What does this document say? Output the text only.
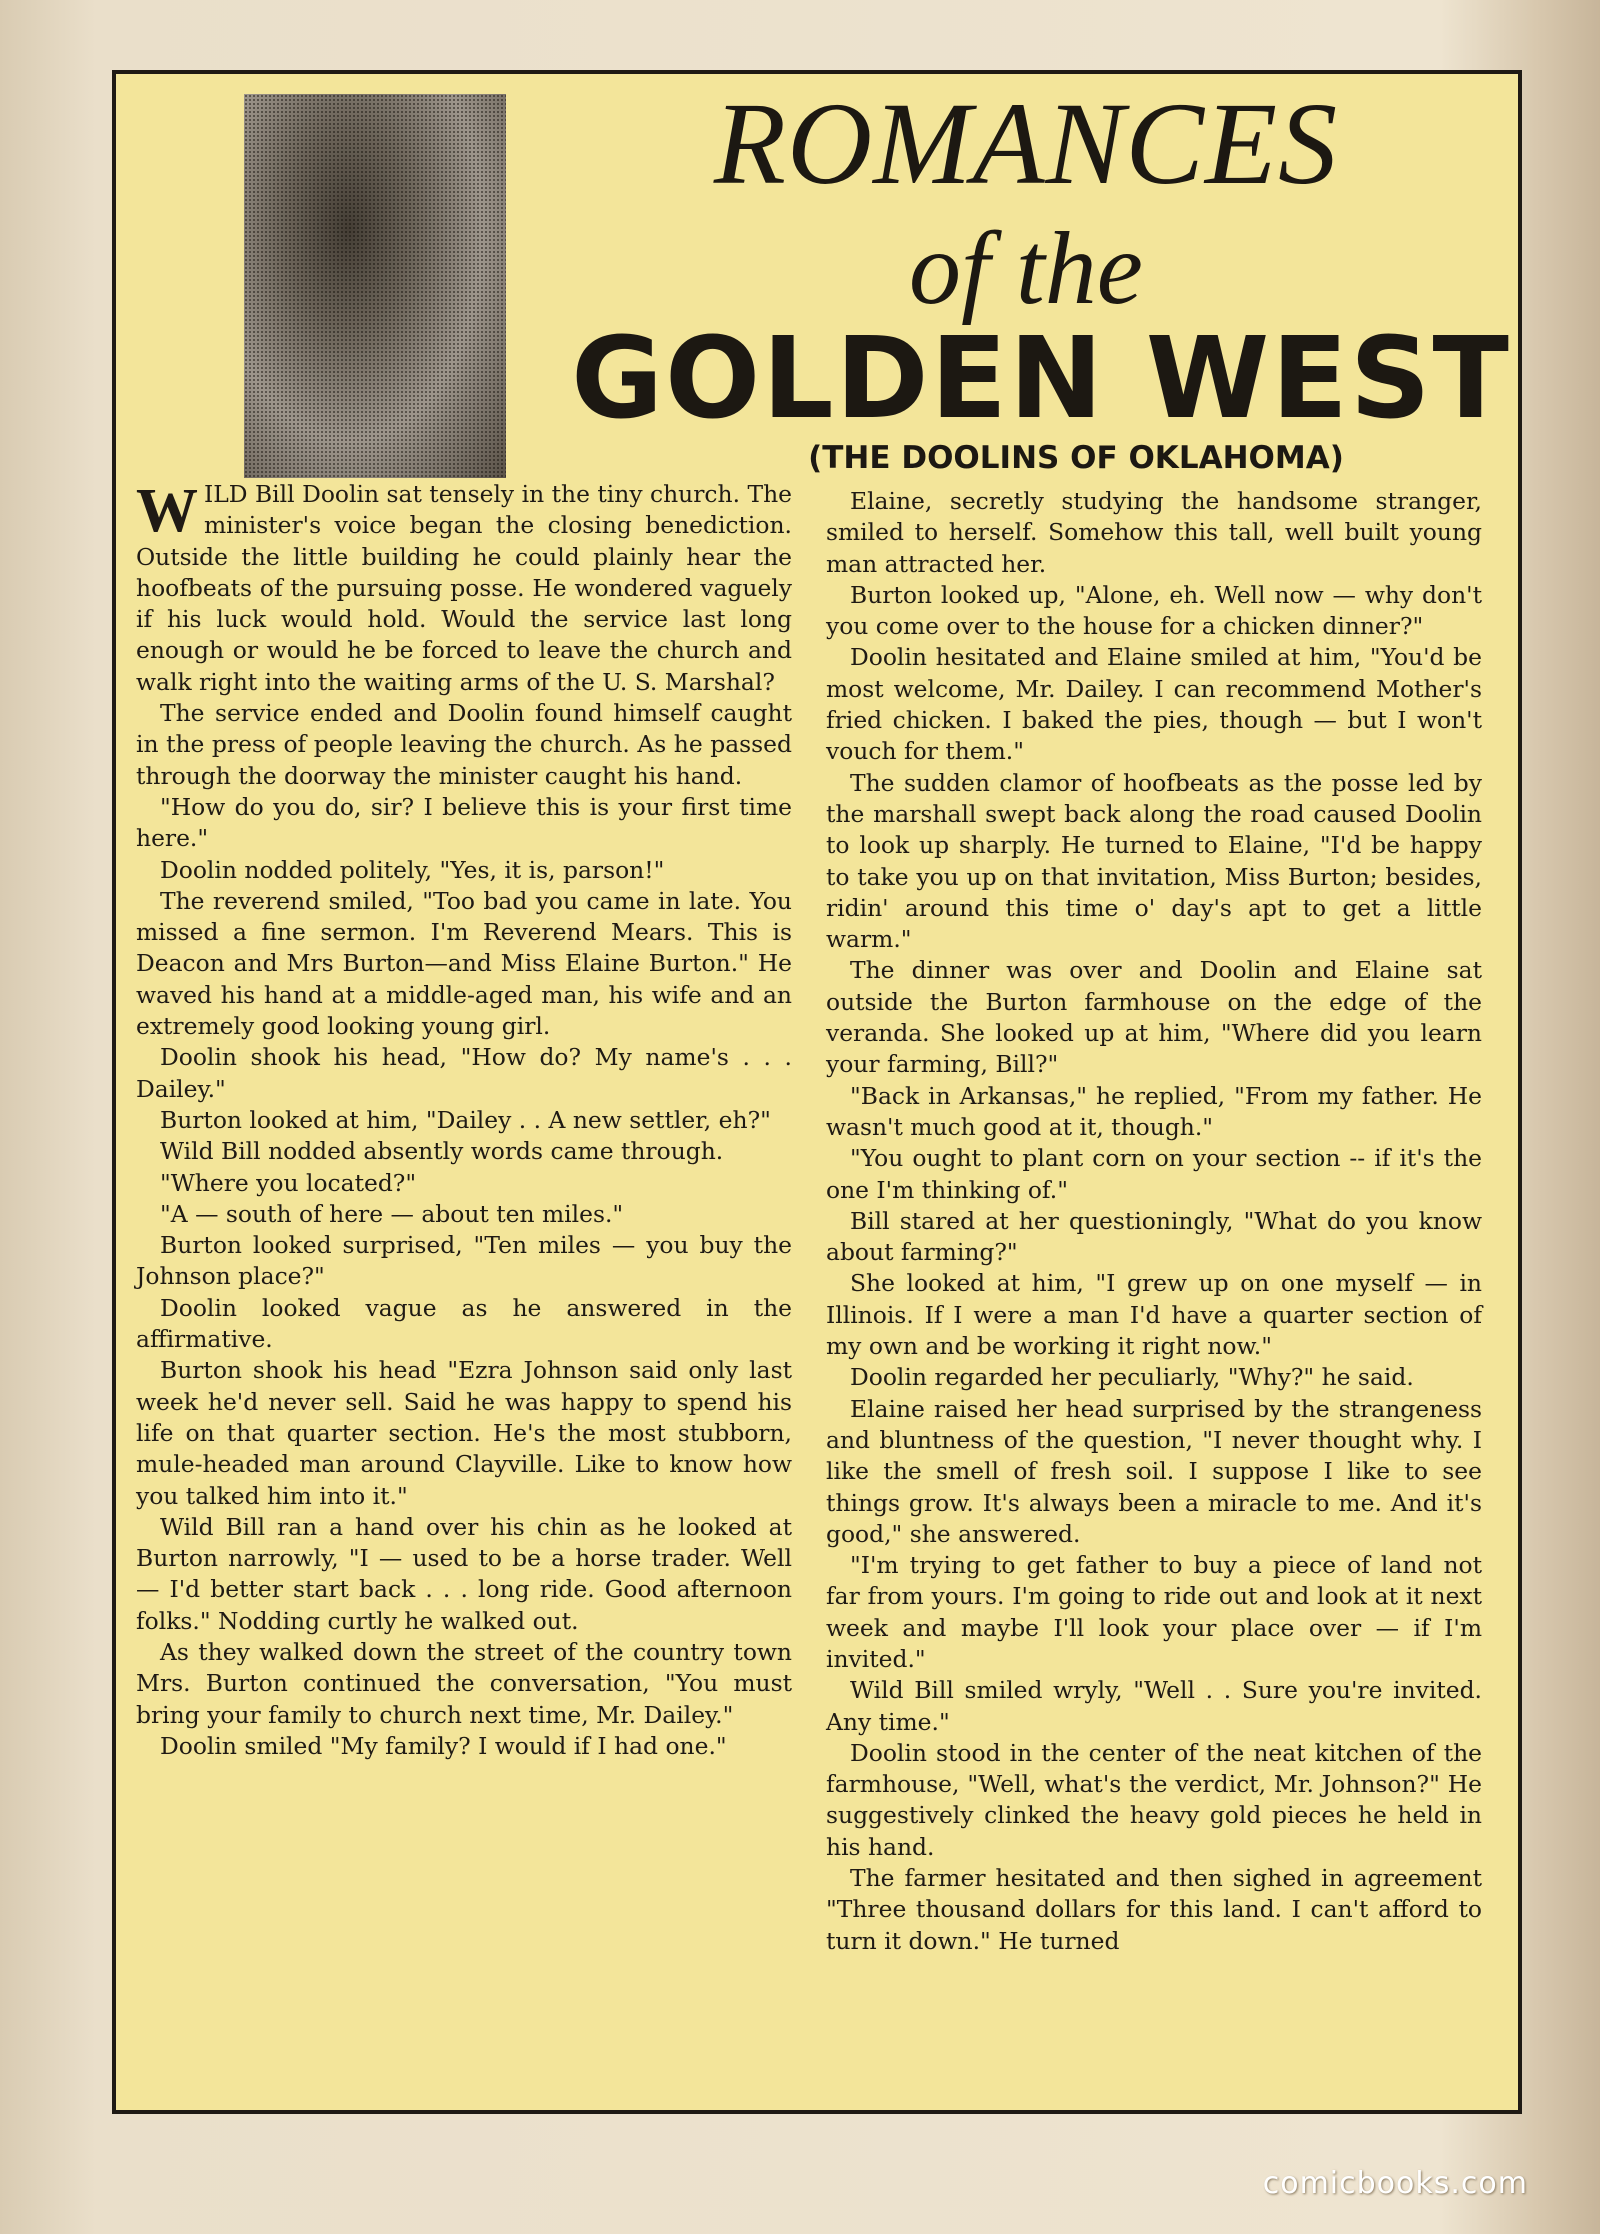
ROMANCES
of the
GOLDEN WEST
(THE DOOLINS OF OKLAHOMA)

WILD Bill Doolin sat tensely in the tiny church. The minister's voice began the closing benediction. Outside the little building he could plainly hear the hoofbeats of the pursuing posse. He wondered vaguely if his luck would hold. Would the service last long enough or would he be forced to leave the church and walk right into the waiting arms of the U. S. Marshal?

The service ended and Doolin found himself caught in the press of people leaving the church. As he passed through the doorway the minister caught his hand.

"How do you do, sir? I believe this is your first time here."

Doolin nodded politely, "Yes, it is, parson!"

The reverend smiled, "Too bad you came in late. You missed a fine sermon. I'm Reverend Mears. This is Deacon and Mrs Burton—and Miss Elaine Burton." He waved his hand at a middle-aged man, his wife and an extremely good looking young girl.

Doolin shook his head, "How do? My name's . . . Dailey."

Burton looked at him, "Dailey . . A new settler, eh?"

Wild Bill nodded absently words came through.

"Where you located?"

"A — south of here — about ten miles."

Burton looked surprised, "Ten miles — you buy the Johnson place?"

Doolin looked vague as he answered in the affirmative.

Burton shook his head "Ezra Johnson said only last week he'd never sell. Said he was happy to spend his life on that quarter section. He's the most stubborn, mule-headed man around Clayville. Like to know how you talked him into it."

Wild Bill ran a hand over his chin as he looked at Burton narrowly, "I — used to be a horse trader. Well — I'd better start back . . . long ride. Good afternoon folks." Nodding curtly he walked out.

As they walked down the street of the country town Mrs. Burton continued the conversation, "You must bring your family to church next time, Mr. Dailey."

Doolin smiled "My family? I would if I had one."

Elaine, secretly studying the handsome stranger, smiled to herself. Somehow this tall, well built young man attracted her.

Burton looked up, "Alone, eh. Well now — why don't you come over to the house for a chicken dinner?"

Doolin hesitated and Elaine smiled at him, "You'd be most welcome, Mr. Dailey. I can recommend Mother's fried chicken. I baked the pies, though — but I won't vouch for them."

The sudden clamor of hoofbeats as the posse led by the marshall swept back along the road caused Doolin to look up sharply. He turned to Elaine, "I'd be happy to take you up on that invitation, Miss Burton; besides, ridin' around this time o' day's apt to get a little warm."

The dinner was over and Doolin and Elaine sat outside the Burton farmhouse on the edge of the veranda. She looked up at him, "Where did you learn your farming, Bill?"

"Back in Arkansas," he replied, "From my father. He wasn't much good at it, though."

"You ought to plant corn on your section -- if it's the one I'm thinking of."

Bill stared at her questioningly, "What do you know about farming?"

She looked at him, "I grew up on one myself — in Illinois. If I were a man I'd have a quarter section of my own and be working it right now."

Doolin regarded her peculiarly, "Why?" he said.

Elaine raised her head surprised by the strangeness and bluntness of the question, "I never thought why. I like the smell of fresh soil. I suppose I like to see things grow. It's always been a miracle to me. And it's good," she answered.

"I'm trying to get father to buy a piece of land not far from yours. I'm going to ride out and look at it next week and maybe I'll look your place over — if I'm invited."

Wild Bill smiled wryly, "Well . . Sure you're invited. Any time."

Doolin stood in the center of the neat kitchen of the farmhouse, "Well, what's the verdict, Mr. Johnson?" He suggestively clinked the heavy gold pieces he held in his hand.

The farmer hesitated and then sighed in agreement "Three thousand dollars for this land. I can't afford to turn it down." He turned

comicbooks.com
